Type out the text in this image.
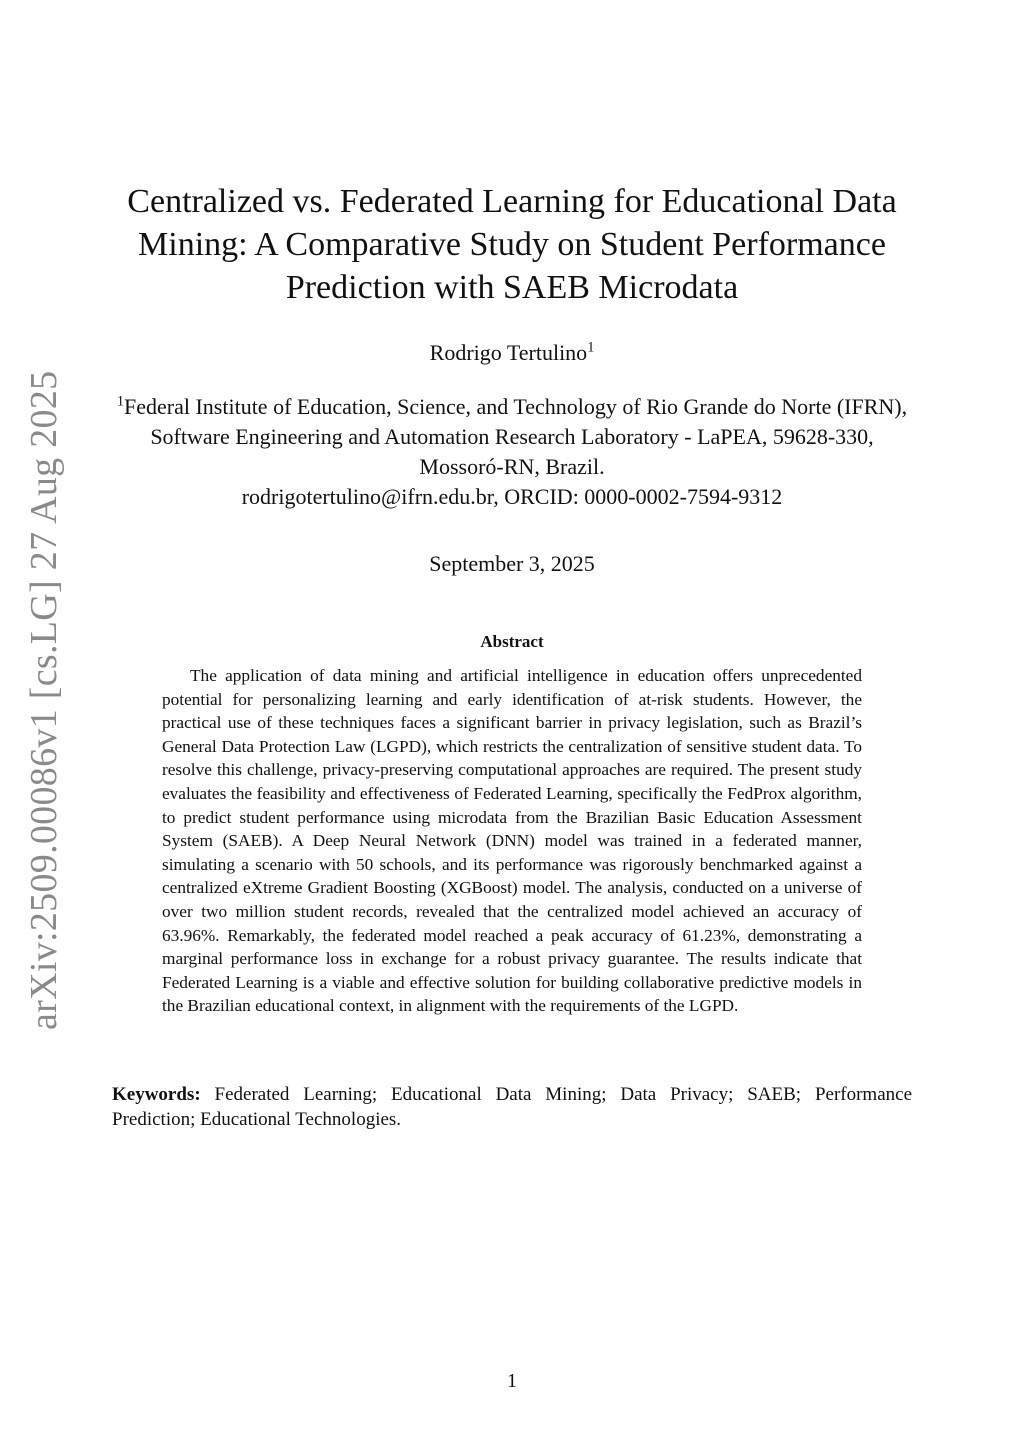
arXiv:2509.00086v1 [cs.LG] 27 Aug 2025
Centralized vs. Federated Learning for Educational Data Mining: A Comparative Study on Student Performance Prediction with SAEB Microdata
Rodrigo Tertulino$^1$
$^1$Federal Institute of Education, Science, and Technology of Rio Grande do Norte (IFRN), Software Engineering and Automation Research Laboratory - LaPEA, 59628-330, Mossoró-RN, Brazil.
rodrigotertulino@ifrn.edu.br, ORCID: 0000-0002-7594-9312
September 3, 2025
Abstract

The application of data mining and artificial intelligence in education offers unprecedented potential for personalizing learning and early identification of at-risk students. However, the practical use of these techniques faces a significant barrier in privacy legislation, such as Brazil’s General Data Protection Law (LGPD), which restricts the centralization of sensitive student data. To resolve this challenge, privacy-preserving computational approaches are required. The present study evaluates the feasibility and effectiveness of Federated Learning, specifically the FedProx algorithm, to predict student performance using microdata from the Brazilian Basic Education Assessment System (SAEB). A Deep Neural Network (DNN) model was trained in a federated manner, simulating a scenario with 50 schools, and its performance was rigorously benchmarked against a centralized eXtreme Gradient Boosting (XGBoost) model. The analysis, conducted on a universe of over two million student records, revealed that the centralized model achieved an accuracy of 63.96%. Remarkably, the federated model reached a peak accuracy of 61.23%, demonstrating a marginal performance loss in exchange for a robust privacy guarantee. The results indicate that Federated Learning is a viable and effective solution for building collaborative predictive models in the Brazilian educational context, in alignment with the requirements of the LGPD.

Keywords: Federated Learning; Educational Data Mining; Data Privacy; SAEB; Performance Prediction; Educational Technologies.

1
